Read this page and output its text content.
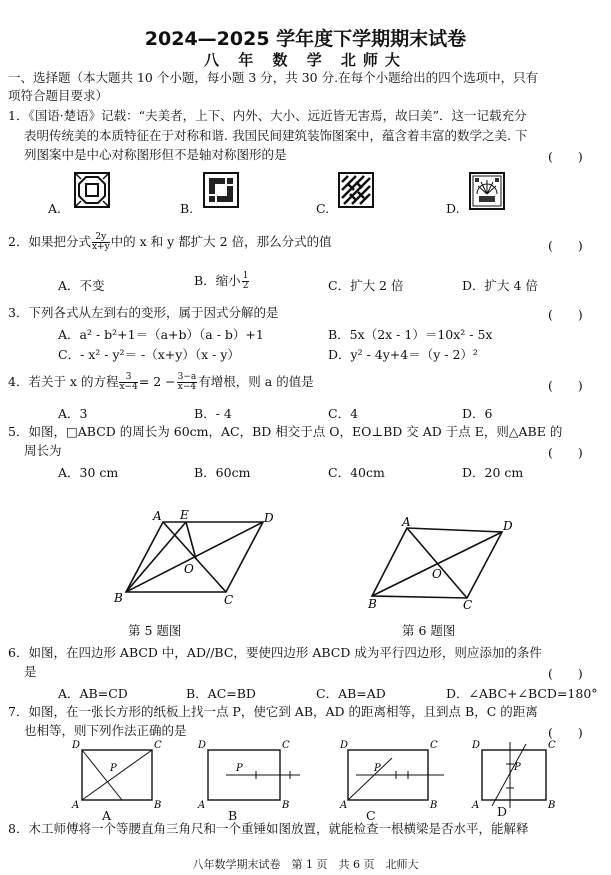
2024—2025 学年度下学期期末试卷
八 年 数 学 北师大
一、选择题（本大题共 10 个小题，每小题 3 分，共 30 分.在每个小题给出的四个选项中，只有
项符合题目要求）
1．《国语·楚语》记载：“夫美者，上下、内外、大小、远近皆无害焉，故曰美”．这一记载充分
表明传统美的本质特征在于对称和谐. 我国民间建筑装饰图案中，蕴含着丰富的数学之美. 下
列图案中是中心对称图形但不是轴对称图形的是	(　　)
A.	B.	C.	D.
2．如果把分式 $\frac{2y}{x+y}$ 中的 x 和 y 都扩大 2 倍，那么分式的值	(　　)
A．不变	B．缩小 $\frac{1}{2}$	C．扩大 2 倍	D．扩大 4 倍
3．下列各式从左到右的变形，属于因式分解的是	(　　)
A．a² - b²+1＝（a+b）（a - b）+1	B．5x（2x - 1）＝10x² - 5x
C．- x² - y²＝ -（x+y）（x - y）	D．y² - 4y+4＝（y - 2）²
4．若关于 x 的方程 $\frac{3}{x-4} = 2 - \frac{3-a}{x-4}$ 有增根，则 a 的值是	(　　)
A．3	B．- 4	C．4	D．6
5．如图，□ABCD 的周长为 60cm，AC，BD 相交于点 O，EO⊥BD 交 AD 于点 E，则△ABE 的
周长为	(　　)
A．30 cm	B．60cm	C．40cm	D．20 cm
A E	D
B	C
O
第 5 题图
A	D
B	C
O
第 6 题图
6．如图，在四边形 ABCD 中，AD//BC，要使四边形 ABCD 成为平行四边形，则应添加的条件
是	(　　)
A．AB=CD	B．AC=BD	C．AB=AD	D．∠ABC+∠BCD=180°
7．如图，在一张长方形的纸板上找一点 P，使它到 AB，AD 的距离相等，且到点 B，C 的距离
也相等，则下列作法正确的是	(　　)
D	C
A	B
P
A
D	C
A	B
P
B
D	C
A	B
P
C
D	C
A	B
P
D
8．木工师傅将一个等腰直角三角尺和一个重锤如图放置，就能检查一根横梁是否水平，能解释
八年数学期末试卷　第 1 页　共 6 页　北师大
